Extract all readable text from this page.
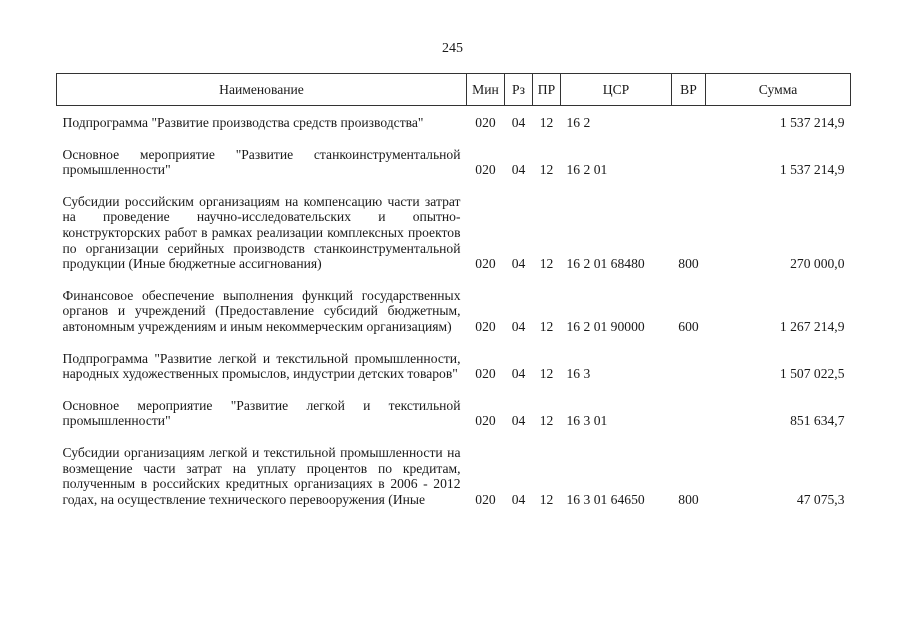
245
Наименование	Мин	Рз	ПР	ЦСР	ВР	Сумма
Подпрограмма "Развитие производства средств производства"	020	04	12	16 2		1 537 214,9
Основное мероприятие "Развитие станкоинструментальной промышленности"	020	04	12	16 2 01		1 537 214,9
Субсидии российским организациям на компенсацию части затрат на проведение научно-исследовательских и опытно-конструкторских работ в рамках реализации комплексных проектов по организации серийных производств станкоинструментальной продукции (Иные бюджетные ассигнования)	020	04	12	16 2 01 68480	800	270 000,0
Финансовое обеспечение выполнения функций государственных органов и учреждений (Предоставление субсидий бюджетным, автономным учреждениям и иным некоммерческим организациям)	020	04	12	16 2 01 90000	600	1 267 214,9
Подпрограмма "Развитие легкой и текстильной промышленности, народных художественных промыслов, индустрии детских товаров"	020	04	12	16 3		1 507 022,5
Основное мероприятие "Развитие легкой и текстильной промышленности"	020	04	12	16 3 01		851 634,7
Субсидии организациям легкой и текстильной промышленности на возмещение части затрат на уплату процентов по кредитам, полученным в российских кредитных организациях в 2006 - 2012 годах, на осуществление технического перевооружения (Иные	020	04	12	16 3 01 64650	800	47 075,3
